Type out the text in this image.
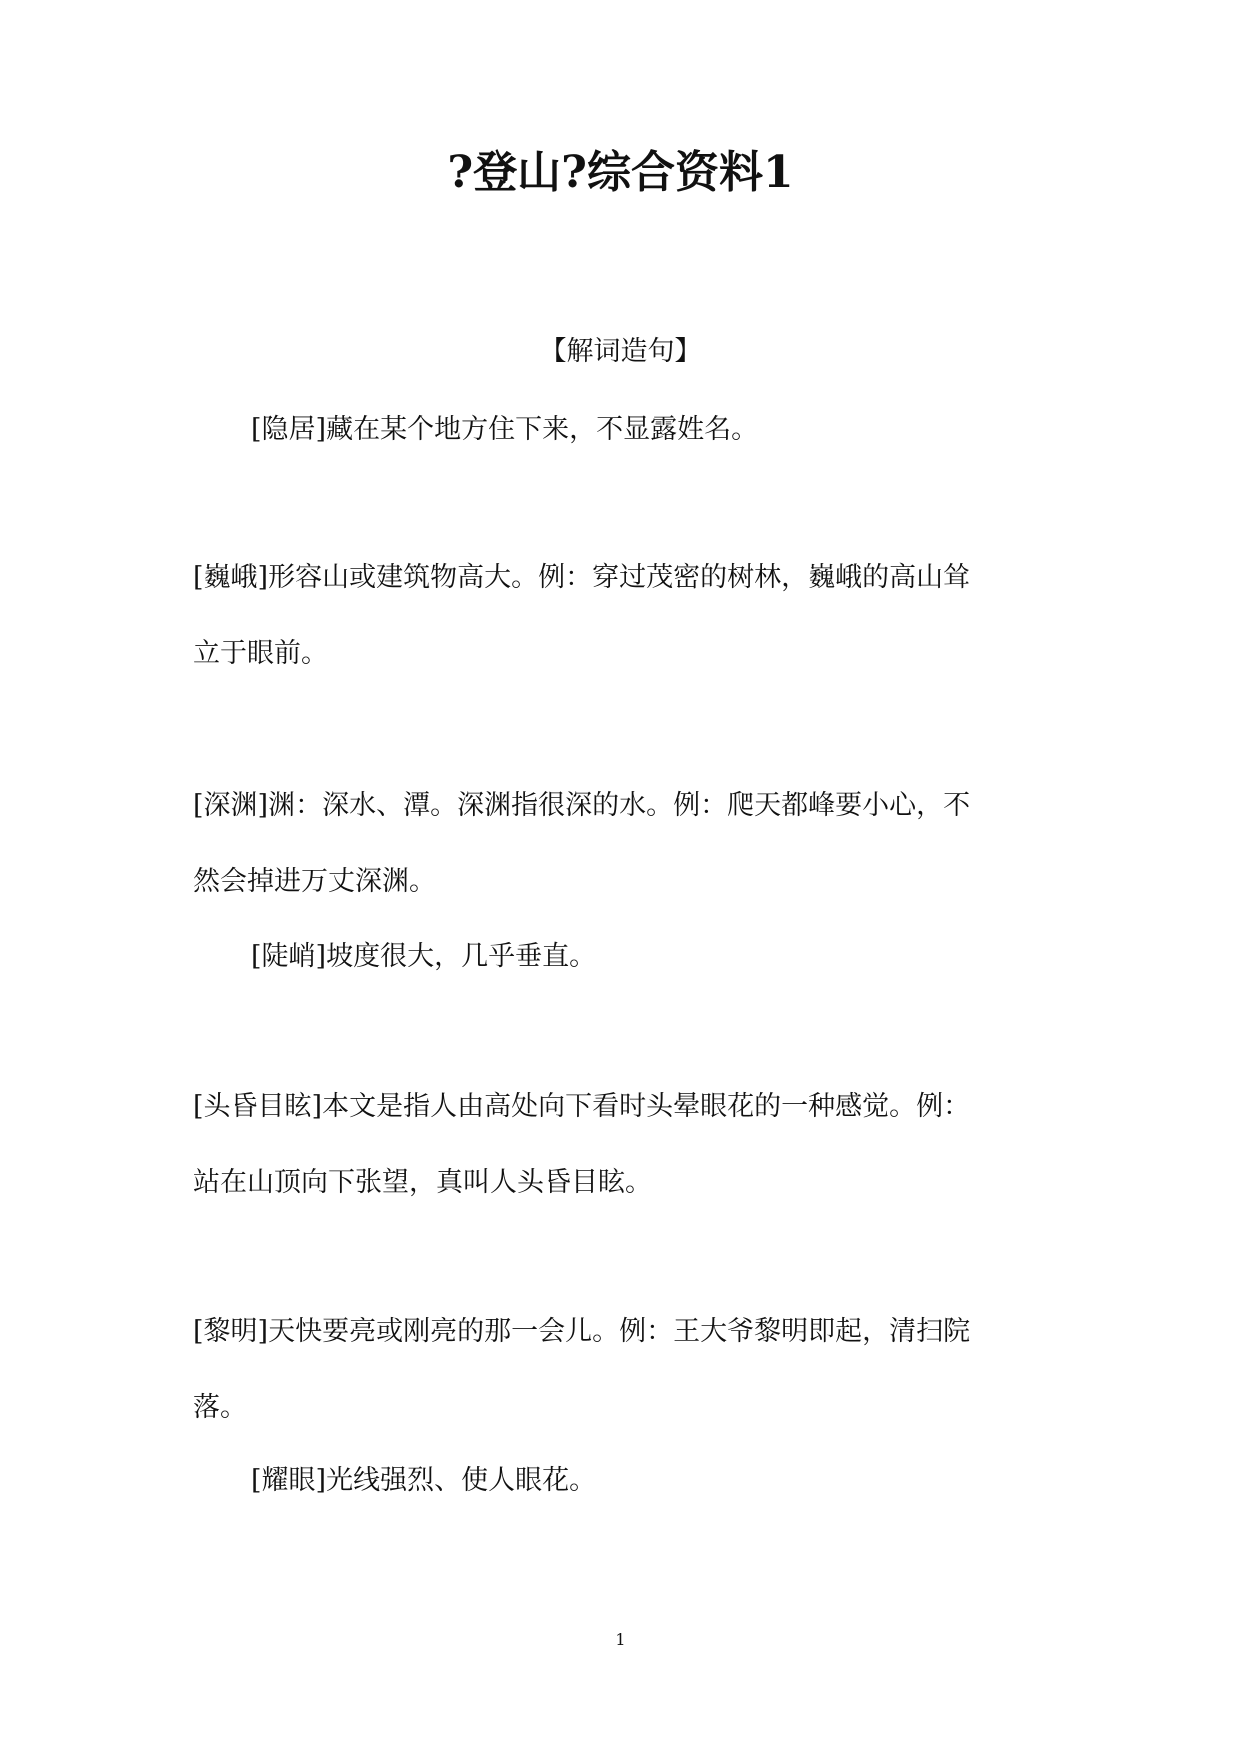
?登山?综合资料1
【解词造句】
[隐居]藏在某个地方住下来，不显露姓名。
[巍峨]形容山或建筑物高大。例：穿过茂密的树林，巍峨的高山耸
立于眼前。
[深渊]渊：深水、潭。深渊指很深的水。例：爬天都峰要小心，不
然会掉进万丈深渊。
[陡峭]坡度很大，几乎垂直。
[头昏目眩]本文是指人由高处向下看时头晕眼花的一种感觉。例：
站在山顶向下张望，真叫人头昏目眩。
[黎明]天快要亮或刚亮的那一会儿。例：王大爷黎明即起，清扫院
落。
[耀眼]光线强烈、使人眼花。
1
